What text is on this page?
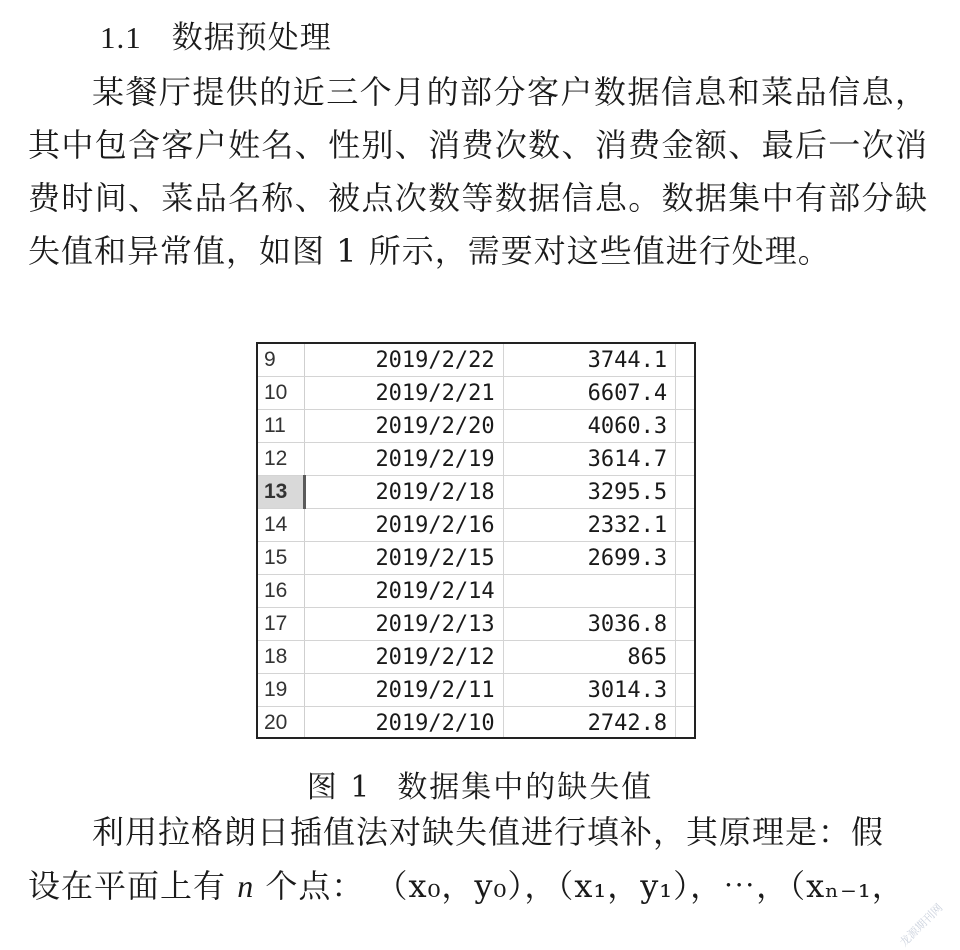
1.1 数据预处理
某餐厅提供的近三个月的部分客户数据信息和菜品信息，其中包含客户姓名、性别、消费次数、消费金额、最后一次消费时间、菜品名称、被点次数等数据信息。数据集中有部分缺失值和异常值，如图 1 所示，需要对这些值进行处理。
9	2019/2/22	3744.1	
10	2019/2/21	6607.4	
11	2019/2/20	4060.3	
12	2019/2/19	3614.7	
13	2019/2/18	3295.5	
14	2019/2/16	2332.1	
15	2019/2/15	2699.3	
16	2019/2/14		
17	2019/2/13	3036.8	
18	2019/2/12	865	
19	2019/2/11	3014.3	
20	2019/2/10	2742.8	
图 1 数据集中的缺失值
利用拉格朗日插值法对缺失值进行填补，其原理是：假
设在平面上有 n 个点： （x₀，y₀），（x₁，y₁），⋯，（xₙ₋₁，
龙源期刊网
